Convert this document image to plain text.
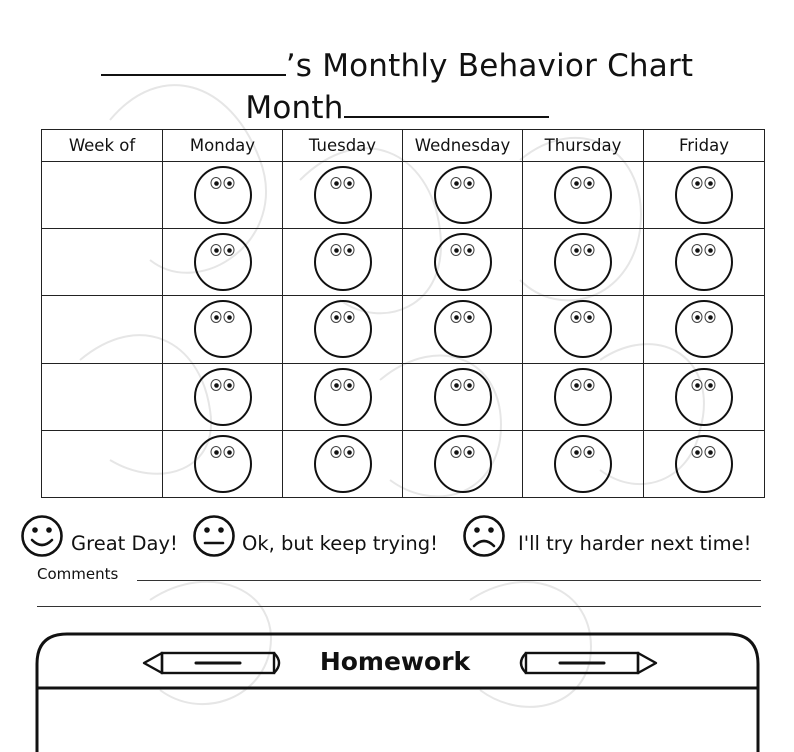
’s Monthly Behavior Chart
Month
Week of	Monday	Tuesday	Wednesday	Thursday	Friday

Great Day!	Ok, but keep trying!	I'll try harder next time!
Comments
Homework
